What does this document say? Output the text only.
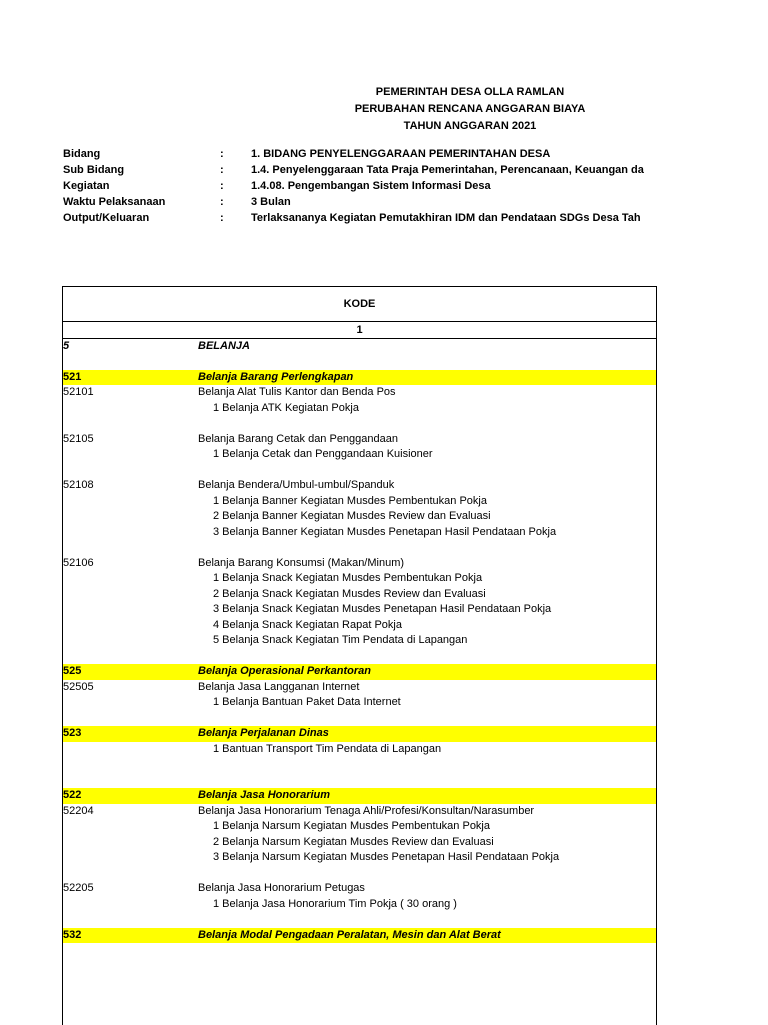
PEMERINTAH DESA OLLA RAMLAN
PERUBAHAN RENCANA ANGGARAN BIAYA
TAHUN ANGGARAN 2021
Bidang	: 1. BIDANG PENYELENGGARAAN PEMERINTAHAN DESA
Sub Bidang	: 1.4. Penyelenggaraan Tata Praja Pemerintahan, Perencanaan, Keuangan da
Kegiatan	: 1.4.08. Pengembangan Sistem Informasi Desa
Waktu Pelaksanaan	: 3 Bulan
Output/Keluaran	: Terlaksananya Kegiatan Pemutakhiran IDM dan Pendataan SDGs Desa Tah
KODE
1
5	BELANJA
521	Belanja Barang Perlengkapan
52101	Belanja Alat Tulis Kantor dan Benda Pos
1 Belanja ATK Kegiatan Pokja
52105	Belanja Barang Cetak dan Penggandaan
1 Belanja Cetak dan Penggandaan Kuisioner
52108	Belanja Bendera/Umbul-umbul/Spanduk
1 Belanja Banner Kegiatan Musdes Pembentukan Pokja
2 Belanja Banner Kegiatan Musdes Review dan Evaluasi
3 Belanja Banner Kegiatan Musdes Penetapan Hasil Pendataan Pokja
52106	Belanja Barang Konsumsi (Makan/Minum)
1 Belanja Snack Kegiatan Musdes Pembentukan Pokja
2 Belanja Snack Kegiatan Musdes Review dan Evaluasi
3 Belanja Snack Kegiatan Musdes Penetapan Hasil Pendataan Pokja
4 Belanja Snack Kegiatan Rapat Pokja
5 Belanja Snack Kegiatan Tim Pendata di Lapangan
525	Belanja Operasional Perkantoran
52505	Belanja Jasa Langganan Internet
1 Belanja Bantuan Paket Data Internet
523	Belanja Perjalanan Dinas
1 Bantuan Transport Tim Pendata di Lapangan
522	Belanja Jasa Honorarium
52204	Belanja Jasa Honorarium Tenaga Ahli/Profesi/Konsultan/Narasumber
1 Belanja Narsum Kegiatan Musdes Pembentukan Pokja
2 Belanja Narsum Kegiatan Musdes Review dan Evaluasi
3 Belanja Narsum Kegiatan Musdes Penetapan Hasil Pendataan Pokja
52205	Belanja Jasa Honorarium Petugas
1 Belanja Jasa Honorarium Tim Pokja ( 30 orang )
532	Belanja Modal Pengadaan Peralatan, Mesin dan Alat Berat
